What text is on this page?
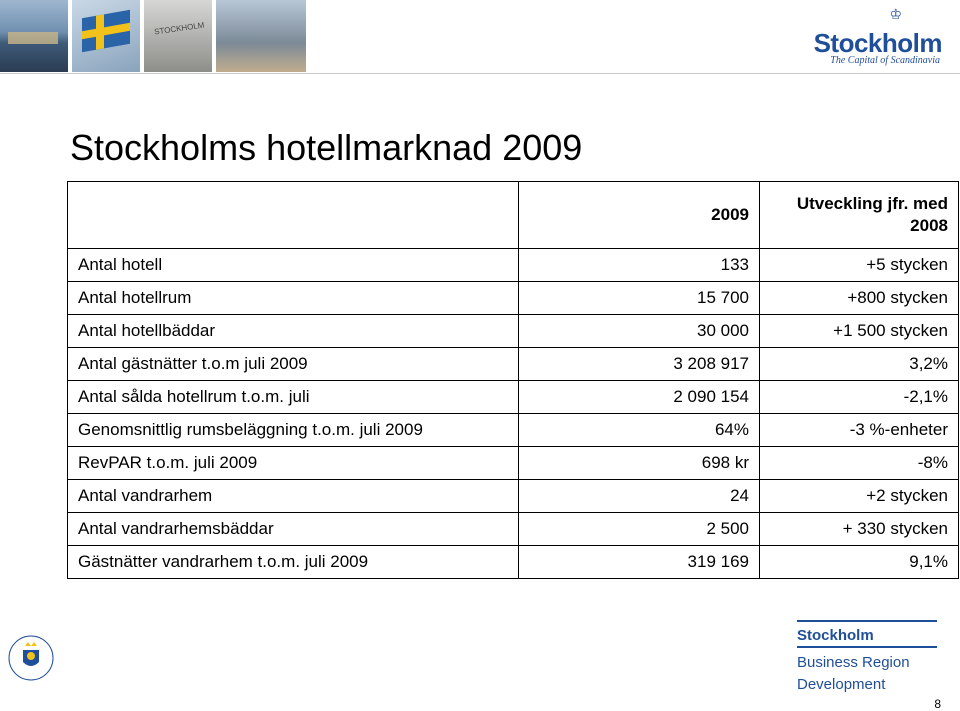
STOCKHOLM
♔
Stockholm
The Capital of Scandinavia
Stockholms hotellmarknad 2009
	2009	Utveckling jfr. med 2008
Antal hotell	133	+5 stycken
Antal hotellrum	15 700	+800 stycken
Antal hotellbäddar	30 000	+1 500 stycken
Antal gästnätter t.o.m juli 2009	3 208 917	3,2%
Antal sålda hotellrum t.o.m. juli	2 090 154	-2,1%
Genomsnittlig rumsbeläggning t.o.m. juli 2009	64%	-3 %-enheter
RevPAR t.o.m. juli 2009	698 kr	-8%
Antal vandrarhem	24	+2 stycken
Antal vandrarhemsbäddar	2 500	+ 330 stycken
Gästnätter vandrarhem t.o.m. juli 2009	319 169	9,1%
Stockholm
Business Region
Development
8
